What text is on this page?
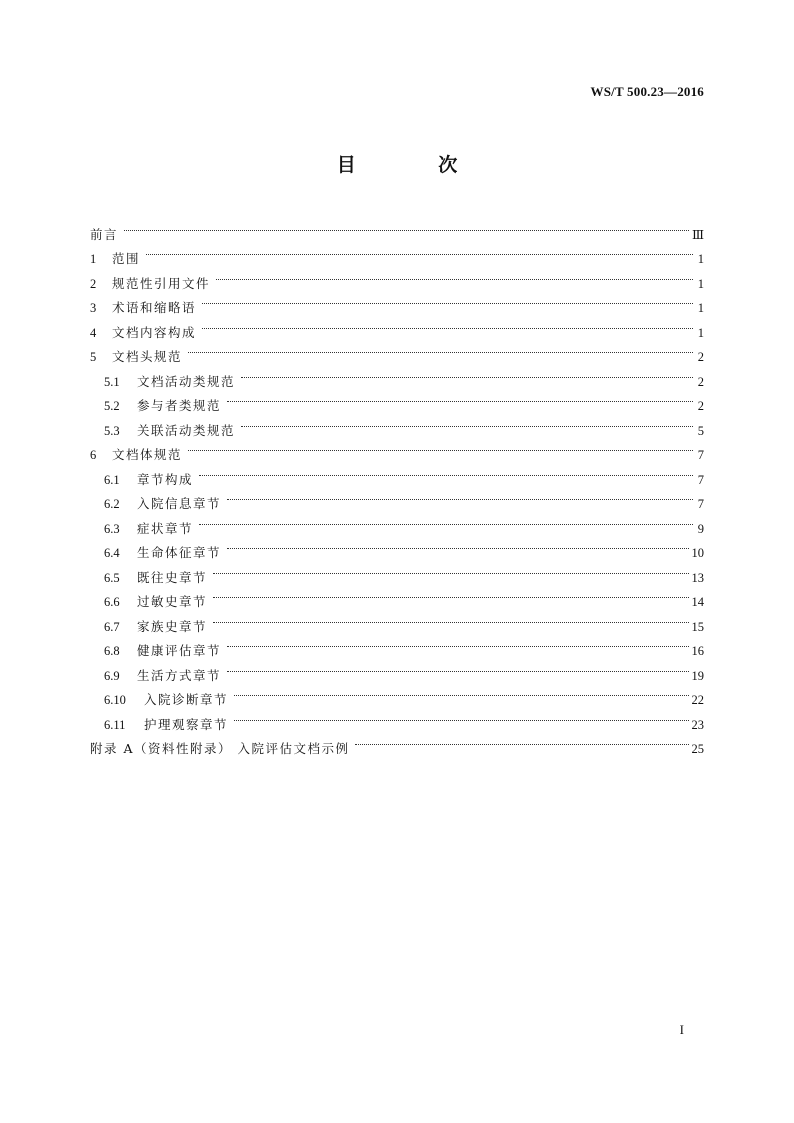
WS/T 500.23—2016
目 次
前言	Ⅲ
1	范围	1
2	规范性引用文件	1
3	术语和缩略语	1
4	文档内容构成	1
5	文档头规范	2
5.1	文档活动类规范	2
5.2	参与者类规范	2
5.3	关联活动类规范	5
6	文档体规范	7
6.1	章节构成	7
6.2	入院信息章节	7
6.3	症状章节	9
6.4	生命体征章节	10
6.5	既往史章节	13
6.6	过敏史章节	14
6.7	家族史章节	15
6.8	健康评估章节	16
6.9	生活方式章节	19
6.10	入院诊断章节	22
6.11	护理观察章节	23
附录 A（资料性附录） 入院评估文档示例	25
I
